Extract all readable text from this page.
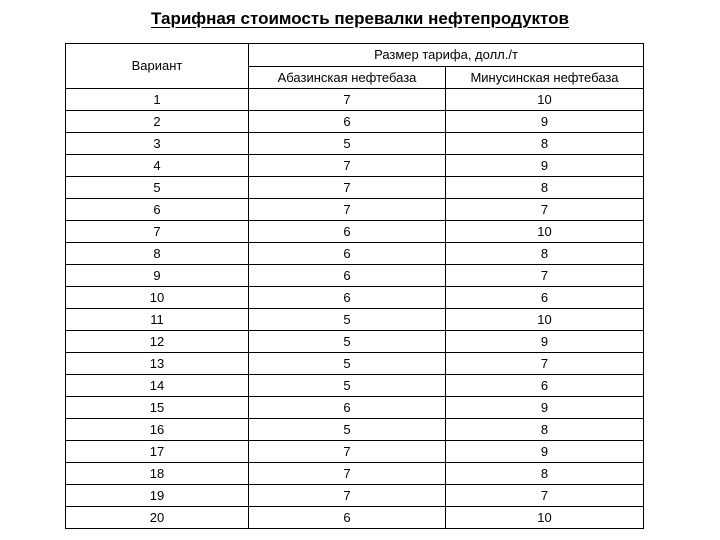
Тарифная стоимость перевалки нефтепродуктов
Вариант	Размер тарифа, долл./т	
	Абазинская нефтебаза	Минусинская нефтебаза
1	7	10
2	6	9
3	5	8
4	7	9
5	7	8
6	7	7
7	6	10
8	6	8
9	6	7
10	6	6
11	5	10
12	5	9
13	5	7
14	5	6
15	6	9
16	5	8
17	7	9
18	7	8
19	7	7
20	6	10
